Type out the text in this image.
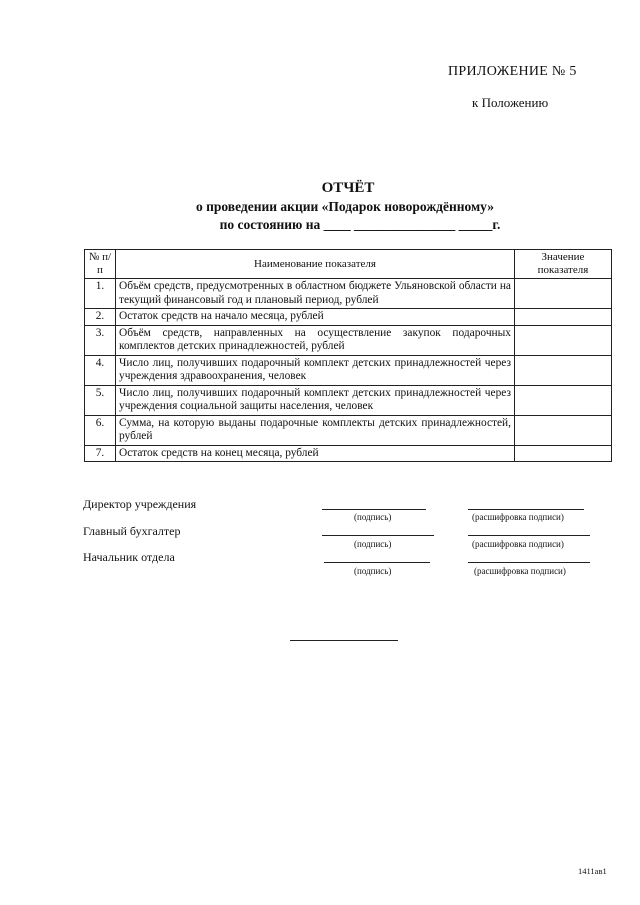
ПРИЛОЖЕНИЕ № 5
к Положению
ОТЧЁТ
о проведении акции «Подарок новорождённому»
по состоянию на ____ _______________ _____г.
№ п/п	Наименование показателя	Значение показателя
1.	Объём средств, предусмотренных в областном бюджете Ульяновской области на текущий финансовый год и плановый период, рублей	
2.	Остаток средств на начало месяца, рублей	
3.	Объём средств, направленных на осуществление закупок подарочных комплектов детских принадлежностей, рублей	
4.	Число лиц, получивших подарочный комплект детских принадлежностей через учреждения здравоохранения, человек	
5.	Число лиц, получивших подарочный комплект детских принадлежностей через учреждения социальной защиты населения, человек	
6.	Сумма, на которую выданы подарочные комплекты детских принадлежностей, рублей	
7.	Остаток средств на конец месяца, рублей	
Директор учреждения
(подпись)	(расшифровка подписи)
Главный бухгалтер
(подпись)	(расшифровка подписи)
Начальник отдела
(подпись)	(расшифровка подписи)
1411ав1
